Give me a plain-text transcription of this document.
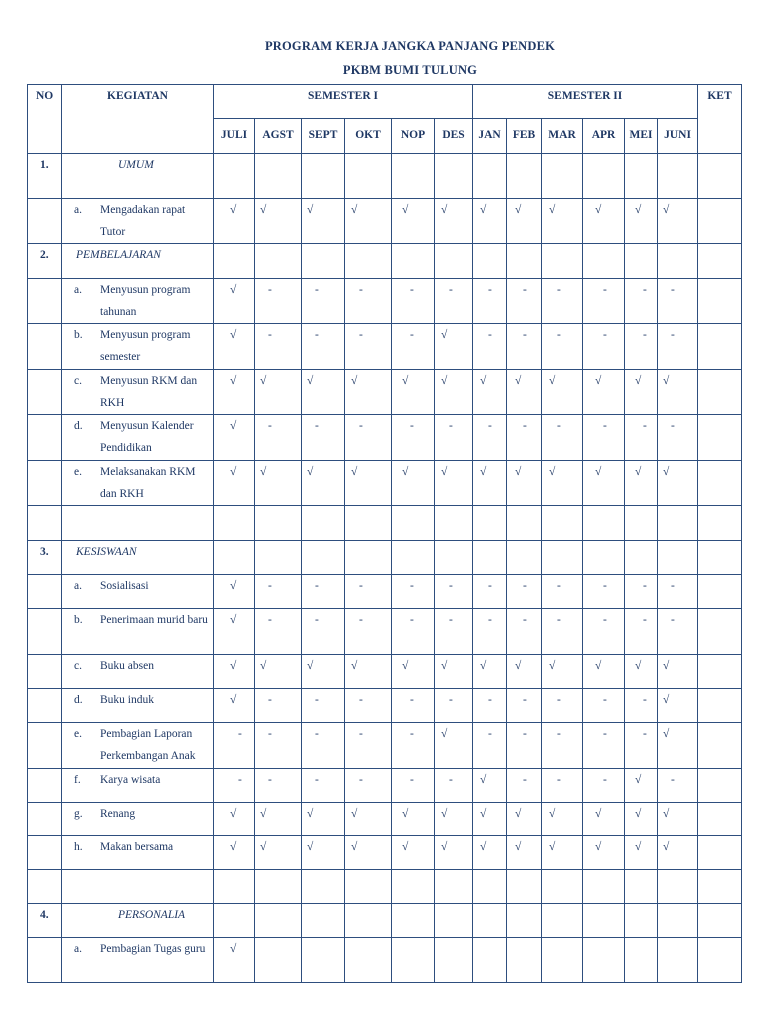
PROGRAM KERJA JANGKA PANJANG PENDEK
PKBM BUMI TULUNG
NO	KEGIATAN	SEMESTER I						SEMESTER II						KET
		JULI	AGST	SEPT	OKT	NOP	DES	JAN	FEB	MAR	APR	MEI	JUNI	
1.	UMUM													

	a. Mengadakan rapat Tutor	√	√	√	√	√	√	√	√	√	√	√	√	

2.	PEMBELAJARAN													

	a. Menyusun program tahunan	√	-	-	-	-	-	-	-	-	-	-	-	

	b. Menyusun program semester	√	-	-	-	-	√	-	-	-	-	-	-	

	c. Menyusun RKM dan RKH	√	√	√	√	√	√	√	√	√	√	√	√	

	d. Menyusun Kalender Pendidikan	√	-	-	-	-	-	-	-	-	-	-	-	

	e. Melaksanakan RKM dan RKH	√	√	√	√	√	√	√	√	√	√	√	√	

3.	KESISWAAN													

	a. Sosialisasi	√	-	-	-	-	-	-	-	-	-	-	-	

	b. Penerimaan murid baru	√	-	-	-	-	-	-	-	-	-	-	-	

	c. Buku absen	√	√	√	√	√	√	√	√	√	√	√	√	

	d. Buku induk	√	-	-	-	-	-	-	-	-	-	-	√	

	e. Pembagian Laporan Perkembangan Anak	-	-	-	-	-	√	-	-	-	-	-	√	

	f. Karya wisata	-	-	-	-	-	-	√	-	-	-	√	-	

	g. Renang	√	√	√	√	√	√	√	√	√	√	√	√	

	h. Makan bersama	√	√	√	√	√	√	√	√	√	√	√	√	

4.	PERSONALIA													

	a. Pembagian Tugas guru	√												
